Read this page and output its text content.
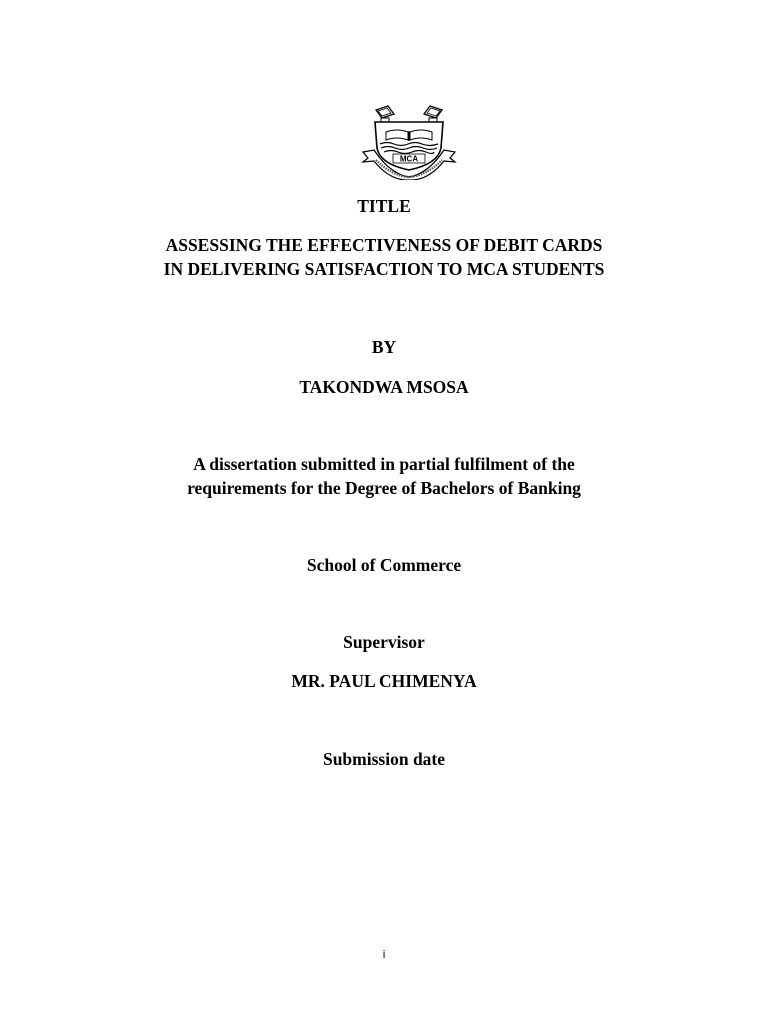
MCA
TITLE
ASSESSING THE EFFECTIVENESS OF DEBIT CARDS
IN DELIVERING SATISFACTION TO MCA STUDENTS
BY
TAKONDWA MSOSA
A dissertation submitted in partial fulfilment of the
requirements for the Degree of Bachelors of Banking
School of Commerce
Supervisor
MR. PAUL CHIMENYA
Submission date
i
